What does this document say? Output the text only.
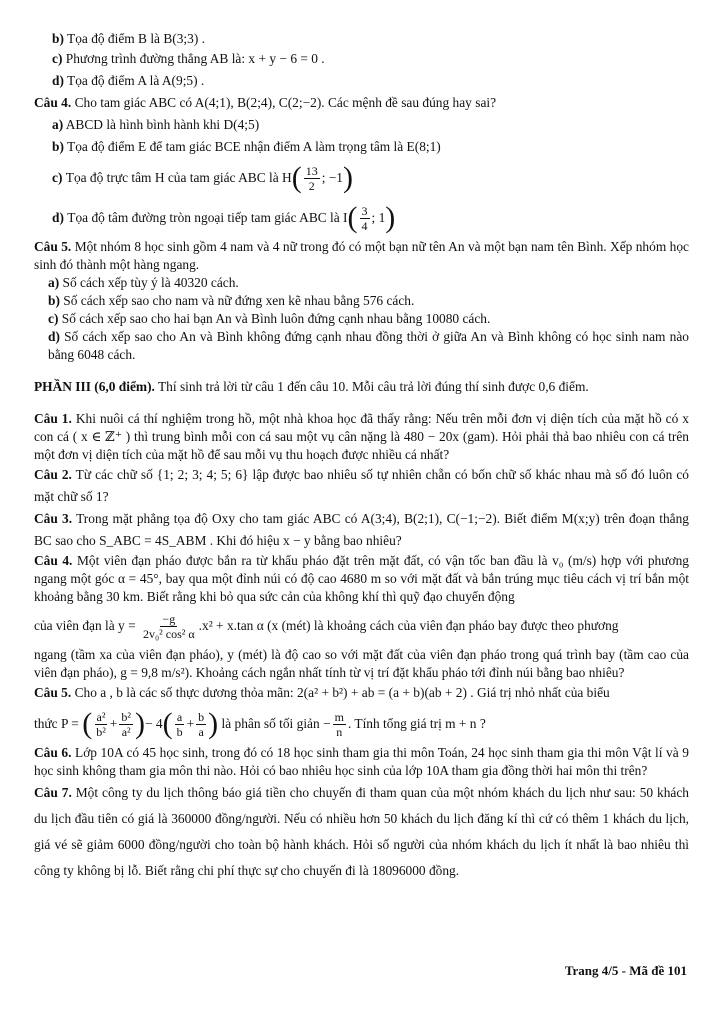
b) Tọa độ điểm B là B(3;3) .
c) Phương trình đường thẳng AB là: x + y − 6 = 0 .
d) Tọa độ điểm A là A(9;5) .
Câu 4. Cho tam giác ABC có A(4;1), B(2;4), C(2;−2). Các mệnh đề sau đúng hay sai?
a) ABCD là hình bình hành khi D(4;5)
b) Tọa độ điểm E để tam giác BCE nhận điểm A làm trọng tâm là E(8;1)
c)
Tọa độ trực tâm H của tam giác ABC là H ( $\frac{13}{2}$ ; −1 )
d)
Tọa độ tâm đường tròn ngoại tiếp tam giác ABC là I ( $\frac{3}{4}$ ; 1 )
Câu 5. Một nhóm 8 học sinh gồm 4 nam và 4 nữ trong đó có một bạn nữ tên An và một bạn nam tên Bình. Xếp nhóm học sinh đó thành một hàng ngang.
a) Số cách xếp tùy ý là 40320 cách.
b) Số cách xếp sao cho nam và nữ đứng xen kẽ nhau bằng 576 cách.
c) Số cách xếp sao cho hai bạn An và Bình luôn đứng cạnh nhau bằng 10080 cách.
d) Số cách xếp sao cho An và Bình không đứng cạnh nhau đồng thời ở giữa An và Bình không có học sinh nam nào bằng 6048 cách.
PHẦN III (6,0 điểm). Thí sinh trả lời từ câu 1 đến câu 10. Mỗi câu trả lời đúng thí sinh được 0,6 điểm.
Câu 1. Khi nuôi cá thí nghiệm trong hồ, một nhà khoa học đã thấy rằng: Nếu trên mỗi đơn vị diện tích của mặt hồ có x con cá ( x ∈ ℤ⁺ ) thì trung bình mỗi con cá sau một vụ cân nặng là 480 − 20x (gam). Hỏi phải thả bao nhiêu con cá trên một đơn vị diện tích của mặt hồ để sau mỗi vụ thu hoạch được nhiều cá nhất?
Câu 2. Từ các chữ số {1; 2; 3; 4; 5; 6} lập được bao nhiêu số tự nhiên chẵn có bốn chữ số khác nhau mà số đó luôn có mặt chữ số 1?
Câu 3. Trong mặt phẳng tọa độ Oxy cho tam giác ABC có A(3;4), B(2;1), C(−1;−2). Biết điểm M(x;y) trên đoạn thẳng BC sao cho S_ABC = 4S_ABM . Khi đó hiệu x − y bằng bao nhiêu?
Câu 4. Một viên đạn pháo được bắn ra từ khẩu pháo đặt trên mặt đất, có vận tốc ban đầu là v₀ (m/s) hợp với phương ngang một góc α = 45°, bay qua một đỉnh núi có độ cao 4680 m so với mặt đất và bắn trúng mục tiêu cách vị trí bắn một khoảng bằng 30 km. Biết rằng khi bỏ qua sức cản của không khí thì quỹ đạo chuyển động
của viên đạn là y =
$\frac{-g}{\text{2v₀² cos² α}} .x^2 + x.\tan$ α (x (mét) là khoảng cách của viên đạn pháo bay được theo phương
ngang (tầm xa của viên đạn pháo), y (mét) là độ cao so với mặt đất của viên đạn pháo trong quá trình bay (tầm cao của viên đạn pháo), g = 9,8 m/s²). Khoảng cách ngắn nhất tính từ vị trí đặt khẩu pháo tới đỉnh núi bằng bao nhiêu?
Câu 5. Cho a , b là các số thực dương thỏa mãn: 2(a² + b²) + ab = (a + b)(ab + 2) . Giá trị nhỏ nhất của biểu
thức P =
( $\frac{\text{a²}}{\text{b²}} + \frac{\text{b²}}{\text{a²}}$ ) − 4 ( $\frac{a}{b} + \frac{b}{a}$ )
là phân số tối giản − $\frac{m}{n}$ . Tính tổng giá trị m + n ?
Câu 6. Lớp 10A có 45 học sinh, trong đó có 18 học sinh tham gia thi môn Toán, 24 học sinh tham gia thi môn Vật lí và 9 học sinh không tham gia môn thi nào. Hỏi có bao nhiêu học sinh của lớp 10A tham gia đồng thời hai môn thi trên?
Câu 7. Một công ty du lịch thông báo giá tiền cho chuyến đi tham quan của một nhóm khách du lịch như sau: 50 khách du lịch đầu tiên có giá là 360000 đồng/người. Nếu có nhiều hơn 50 khách du lịch đăng kí thì cứ có thêm 1 khách du lịch, giá vé sẽ giảm 6000 đồng/người cho toàn bộ hành khách. Hỏi số người của nhóm khách du lịch ít nhất là bao nhiêu thì công ty không bị lỗ. Biết rằng chi phí thực sự cho chuyến đi là 18096000 đồng.
Trang 4/5 - Mã đề 101
